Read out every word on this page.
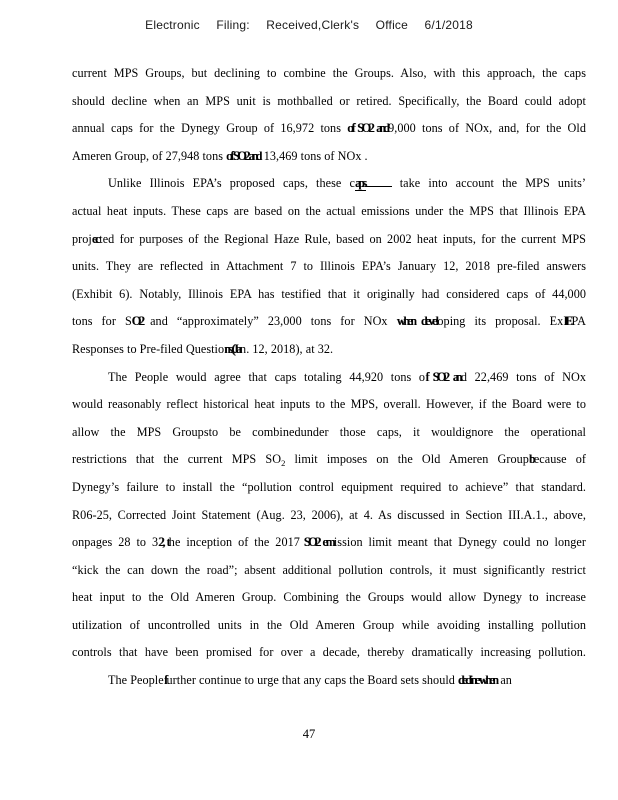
Electronic Filing: Received,Clerk's Office 6/1/2018
current MPS Groups, but declining to combine the Groups. Also, with this approach, the caps
should decline when an MPS unit is mothballed or retired. Specifically, the Board could adopt
annual caps for the Dynegy Group of 16,972 tons of SO2 and9,000 tons of NOx, and, for the Old
Ameren Group, of 27,948 tons of SO2 and 13,469 tons of NOx .
Unlike Illinois EPA’s proposed caps, these caps take into account the MPS units’
actual heat inputs. These caps are based on the actual emissions under the MPS that Illinois EPA
projected for purposes of the Regional Haze Rule, based on 2002 heat inputs, for the current MPS
units. They are reflected in Attachment 7 to Illinois EPA’s January 12, 2018 pre-filed answers
(Exhibit 6). Notably, Illinois EPA has testified that it originally had considered caps of 44,000
tons for SO2 and “approximately” 23,000 tons for NOx when developing its proposal. ExIEPA
Responses to Pre-filed Questions (Jan. 12, 2018), at 32.
The People would agree that caps totaling 44,920 tons of SO2 and 22,469 tons of NOx
would reasonably reflect historical heat inputs to the MPS, overall. However, if the Board were to
allow the MPS Groupsto be combinedunder those caps, it wouldignore the operational
restrictions that the current MPS $SO_2$ limit imposes on the Old Ameren Groupbecause of
Dynegy’s failure to install the “pollution control equipment required to achieve” that standard.
R06-25, Corrected Joint Statement (Aug. 23, 2006), at 4. As discussed in Section III.A.1., above,
onpages 28 to 32, the inception of the 2017 SO2 emission limit meant that Dynegy could no longer
“kick the can down the road”; absent additional pollution controls, it must significantly restrict
heat input to the Old Ameren Group. Combining the Groups would allow Dynegy to increase
utilization of uncontrolled units in the Old Ameren Group while avoiding installing pollution
controls that have been promised for over a decade, thereby dramatically increasing pollution.
The Peoplefurther continue to urge that any caps the Board sets should decline when an
47
